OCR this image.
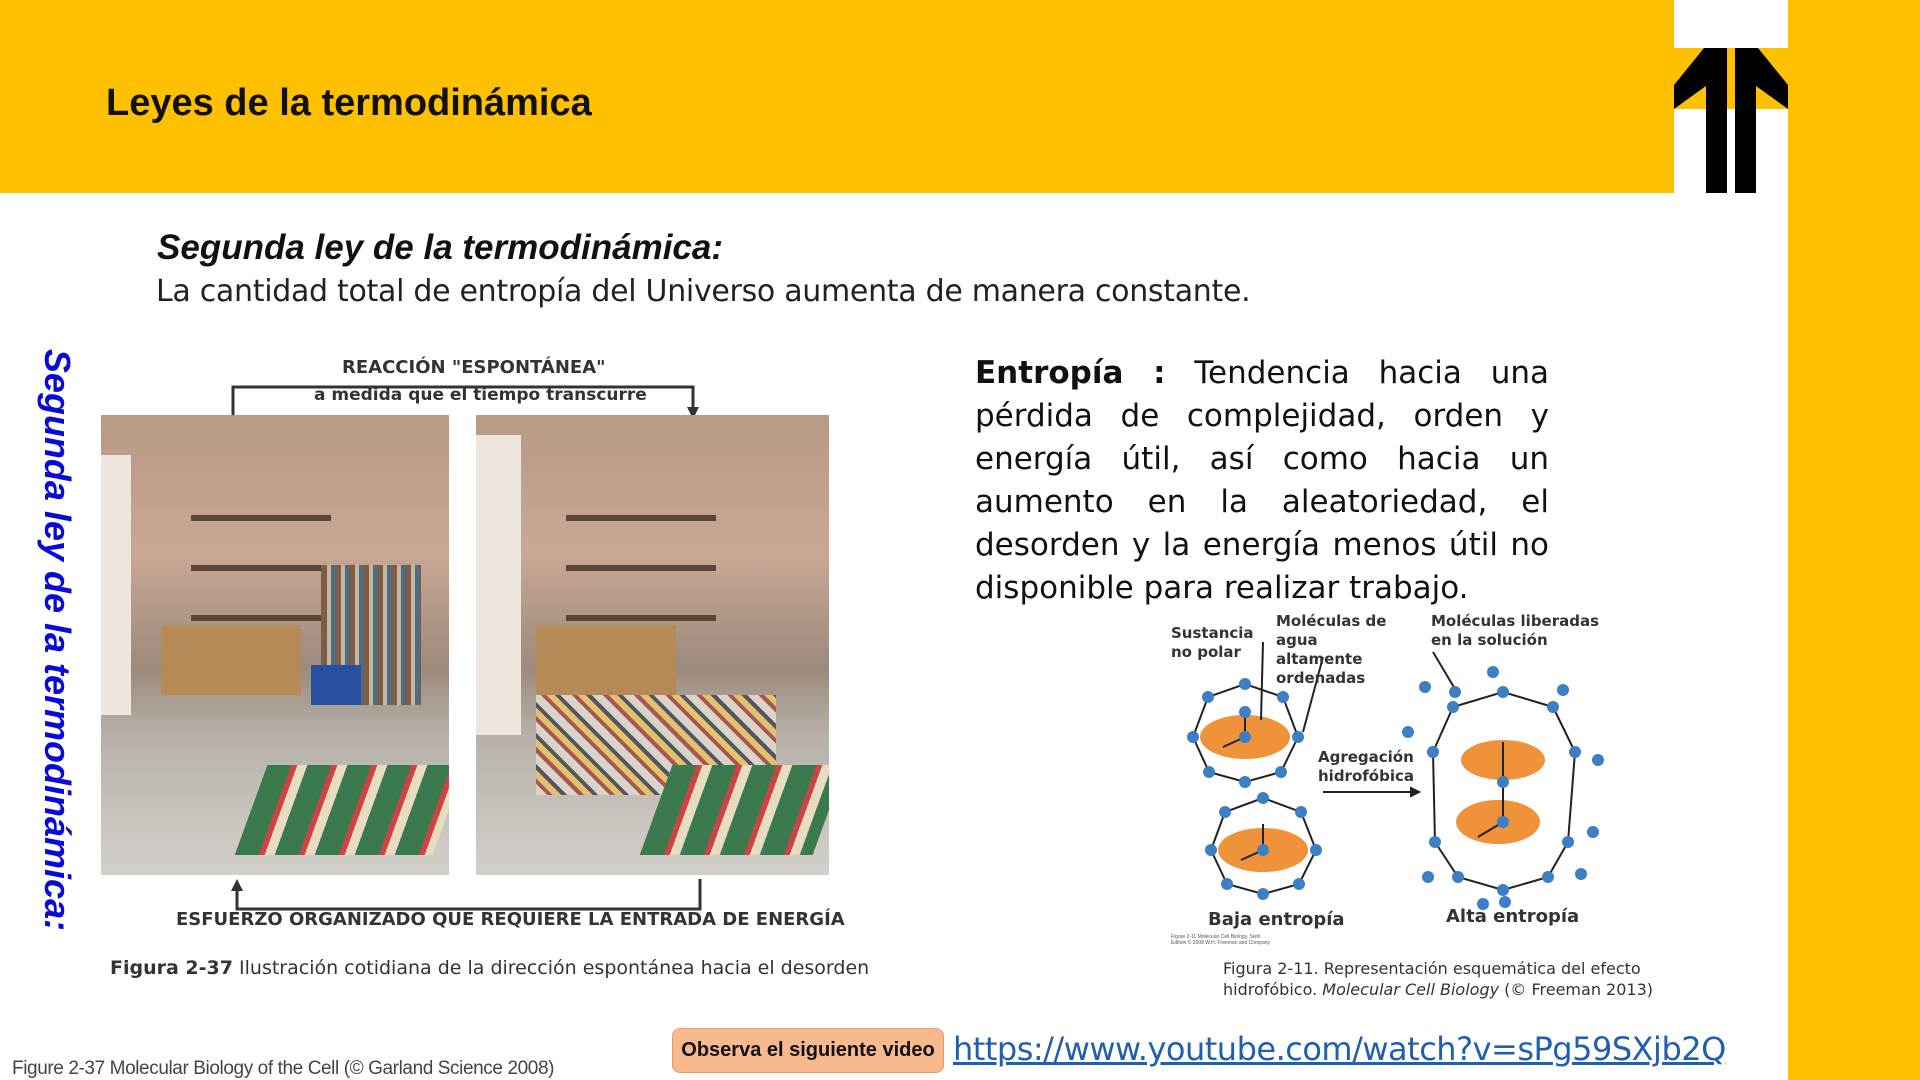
Leyes de la termodinámica
Segunda ley de la termodinámica:
La cantidad total de entropía del Universo aumenta de manera constante.
Segunda ley de la termodinámica:	REACCIÓN "ESPONTÁNEA"
a medida que el tiempo transcurre
ESFUERZO ORGANIZADO QUE REQUIERE LA ENTRADA DE ENERGÍA
Figura 2-37 Ilustración cotidiana de la dirección espontánea hacia el desorden
Entropía : Tendencia hacia una pérdida de complejidad, orden y energía útil, así como hacia un aumento en la aleatoriedad, el desorden y la energía menos útil no disponible para realizar trabajo.
Sustancia no polar
Moléculas de agua altamente ordenadas
Moléculas liberadas en la solución
Agregación hidrofóbica
Baja entropía	Alta entropía
Figure 2-11 Molecular Cell Biology, Sixth Edition © 2008 W.H. Freeman and Company
Figura 2-11. Representación esquemática del efecto
hidrofóbico. Molecular Cell Biology (© Freeman 2013)
Figure 2-37 Molecular Biology of the Cell (© Garland Science 2008)
Observa el siguiente video https://www.youtube.com/watch?v=sPg59SXjb2Q
